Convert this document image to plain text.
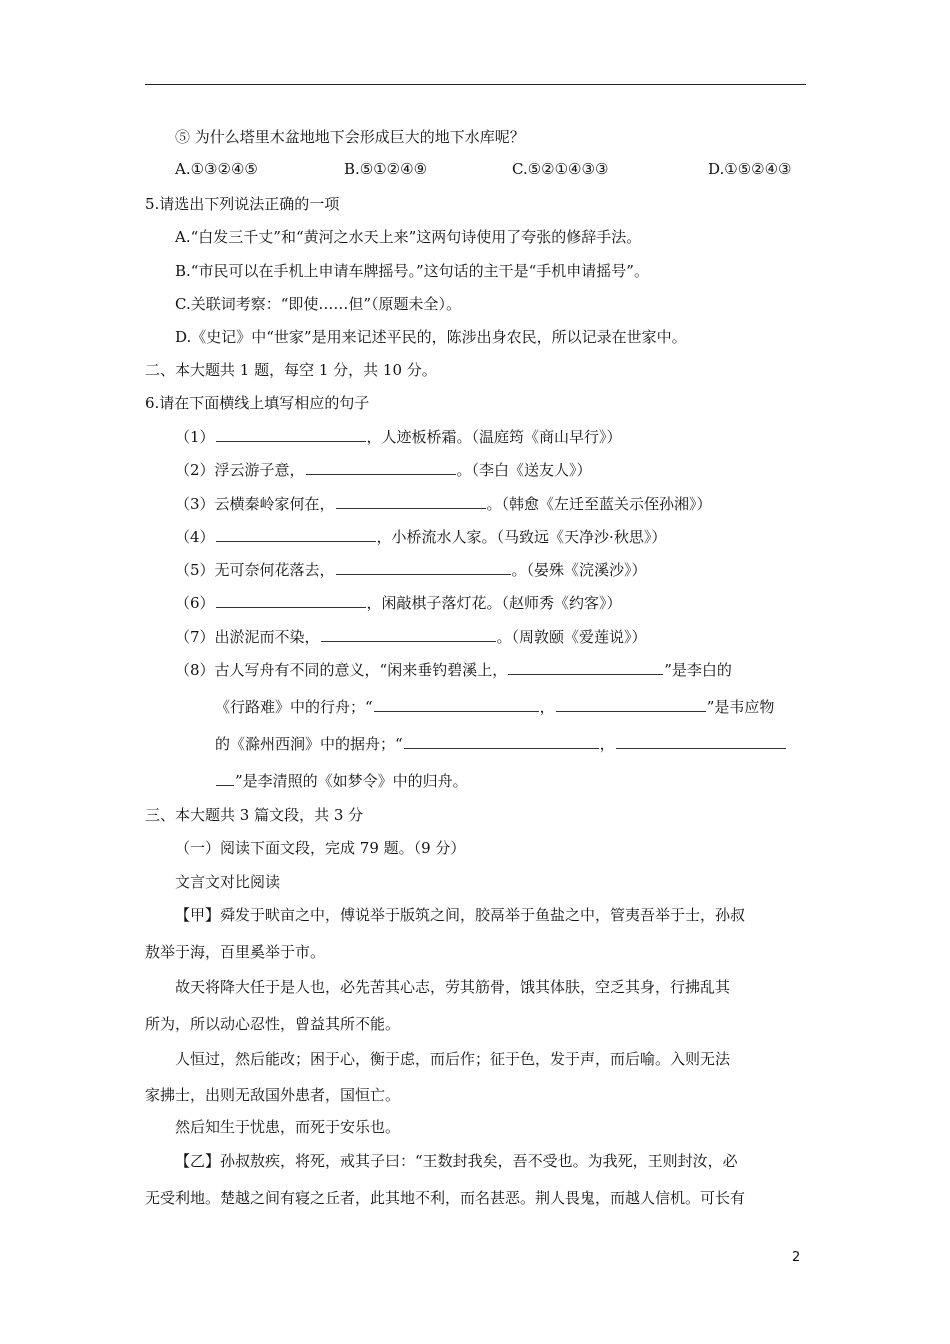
⑤ 为什么塔里木盆地地下会形成巨大的地下水库呢？
A.①③②④⑤	B.⑤①②④⑨	C.⑤②①④③③	D.①⑤②④③
5.请选出下列说法正确的一项
A.“白发三千丈”和“黄河之水天上来”这两句诗使用了夸张的修辞手法。
B.“市民可以在手机上申请车牌摇号。”这句话的主干是“手机申请摇号”。
C.关联词考察：“即使……但”（原题未全）。
D.《史记》中“世家”是用来记述平民的，陈涉出身农民，所以记录在世家中。
二、本大题共 1 题，每空 1 分，共 10 分。
6.请在下面横线上填写相应的句子
（1）	，人迹板桥霜。（温庭筠《商山早行》）
（2）浮云游子意，	。（李白《送友人》）
（3）云横秦岭家何在，	。（韩愈《左迁至蓝关示侄孙湘》）
（4）	，小桥流水人家。（马致远《天净沙·秋思》）
（5）无可奈何花落去，	。（晏殊《浣溪沙》）
（6）	，闲敲棋子落灯花。（赵师秀《约客》）
（7）出淤泥而不染，	。（周敦颐《爱莲说》）
（8）古人写舟有不同的意义，“闲来垂钓碧溪上，	”是李白的
《行路难》中的行舟；“	，	”是韦应物
的《滁州西涧》中的据舟；“	，
”是李清照的《如梦令》中的归舟。
三、本大题共 3 篇文段，共 3 分
（一）阅读下面文段，完成 79 题。（9 分）
文言文对比阅读
【甲】舜发于畎亩之中，傅说举于版筑之间，胶鬲举于鱼盐之中，管夷吾举于士，孙叔
敖举于海，百里奚举于市。
故天将降大任于是人也，必先苦其心志，劳其筋骨，饿其体肤，空乏其身，行拂乱其
所为，所以动心忍性，曾益其所不能。
人恒过，然后能改；困于心，衡于虑，而后作；征于色，发于声，而后喻。入则无法
家拂士，出则无敌国外患者，国恒亡。
然后知生于忧患，而死于安乐也。
【乙】孙叔敖疾，将死，戒其子曰：“王数封我矣，吾不受也。为我死，王则封汝，必
无受利地。楚越之间有寝之丘者，此其地不利，而名甚恶。荆人畏鬼，而越人信机。可长有
2
